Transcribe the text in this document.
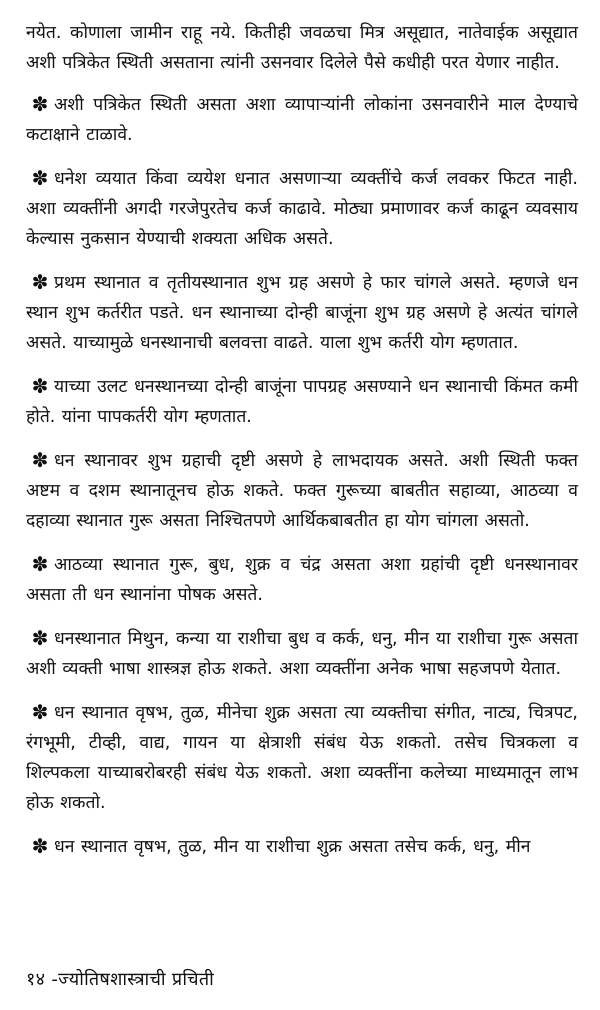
नयेत. कोणाला जामीन राहू नये. कितीही जवळचा मित्र असूद्यात, नातेवाईक असूद्यात अशी पत्रिकेत स्थिती असताना त्यांनी उसनवार दिलेले पैसे कधीही परत येणार नाहीत.

✽ अशी पत्रिकेत स्थिती असता अशा व्यापाऱ्यांनी लोकांना उसनवारीने माल देण्याचे कटाक्षाने टाळावे.

✽ धनेश व्ययात किंवा व्ययेश धनात असणाऱ्या व्यक्तींचे कर्ज लवकर फिटत नाही. अशा व्यक्तींनी अगदी गरजेपुरतेच कर्ज काढावे. मोठ्या प्रमाणावर कर्ज काढून व्यवसाय केल्यास नुकसान येण्याची शक्यता अधिक असते.

✽ प्रथम स्थानात व तृतीयस्थानात शुभ ग्रह असणे हे फार चांगले असते. म्हणजे धन स्थान शुभ कर्तरीत पडते. धन स्थानाच्या दोन्ही बाजूंना शुभ ग्रह असणे हे अत्यंत चांगले असते. याच्यामुळे धनस्थानाची बलवत्ता वाढते. याला शुभ कर्तरी योग म्हणतात.

✽ याच्या उलट धनस्थानच्या दोन्ही बाजूंना पापग्रह असण्याने धन स्थानाची किंमत कमी होते. यांना पापकर्तरी योग म्हणतात.

✽ धन स्थानावर शुभ ग्रहाची दृष्टी असणे हे लाभदायक असते. अशी स्थिती फक्त अष्टम व दशम स्थानातूनच होऊ शकते. फक्त गुरूच्या बाबतीत सहाव्या, आठव्या व दहाव्या स्थानात गुरू असता निश्चितपणे आर्थिकबाबतीत हा योग चांगला असतो.

✽ आठव्या स्थानात गुरू, बुध, शुक्र व चंद्र असता अशा ग्रहांची दृष्टी धनस्थानावर असता ती धन स्थानांना पोषक असते.

✽ धनस्थानात मिथुन, कन्या या राशीचा बुध व कर्क, धनु, मीन या राशीचा गुरू असता अशी व्यक्ती भाषा शास्त्रज्ञ होऊ शकते. अशा व्यक्तींना अनेक भाषा सहजपणे येतात.

✽ धन स्थानात वृषभ, तुळ, मीनेचा शुक्र असता त्या व्यक्तीचा संगीत, नाट्य, चित्रपट, रंगभूमी, टीव्ही, वाद्य, गायन या क्षेत्राशी संबंध येऊ शकतो. तसेच चित्रकला व शिल्पकला याच्याबरोबरही संबंध येऊ शकतो. अशा व्यक्तींना कलेच्या माध्यमातून लाभ होऊ शकतो.

✽ धन स्थानात वृषभ, तुळ, मीन या राशीचा शुक्र असता तसेच कर्क, धनु, मीन

१४ -ज्योतिषशास्त्राची प्रचिती
